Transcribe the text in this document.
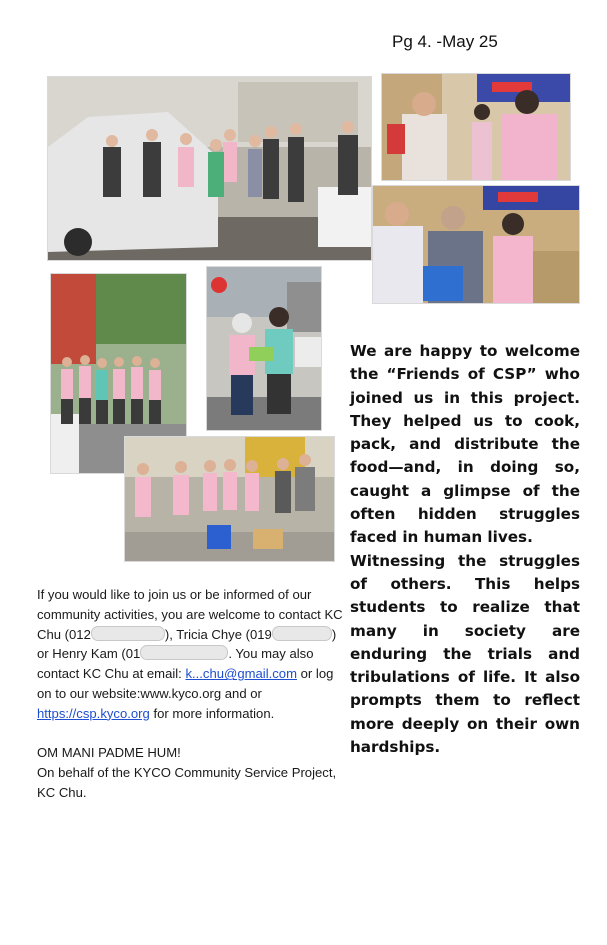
Pg 4. -May 25

We are happy to welcome the “Friends of CSP” who joined us in this project. They helped us to cook, pack, and distribute the food—and, in doing so, caught a glimpse of the often hidden struggles faced in human lives.

Witnessing the struggles of others. This helps students to realize that many in society are enduring the trials and tribulations of life. It also prompts them to reflect more deeply on their own hardships.

If you would like to join us or be informed of our community activities, you are welcome to contact KC Chu (012	), Tricia Chye (019	) or Henry Kam (01	. You may also contact KC Chu at email: k...chu@gmail.com or log on to our website:www.kyco.org and or https://csp.kyco.org for more information.

OM MANI PADME HUM!

On behalf of the KYCO Community Service Project,

KC Chu.
